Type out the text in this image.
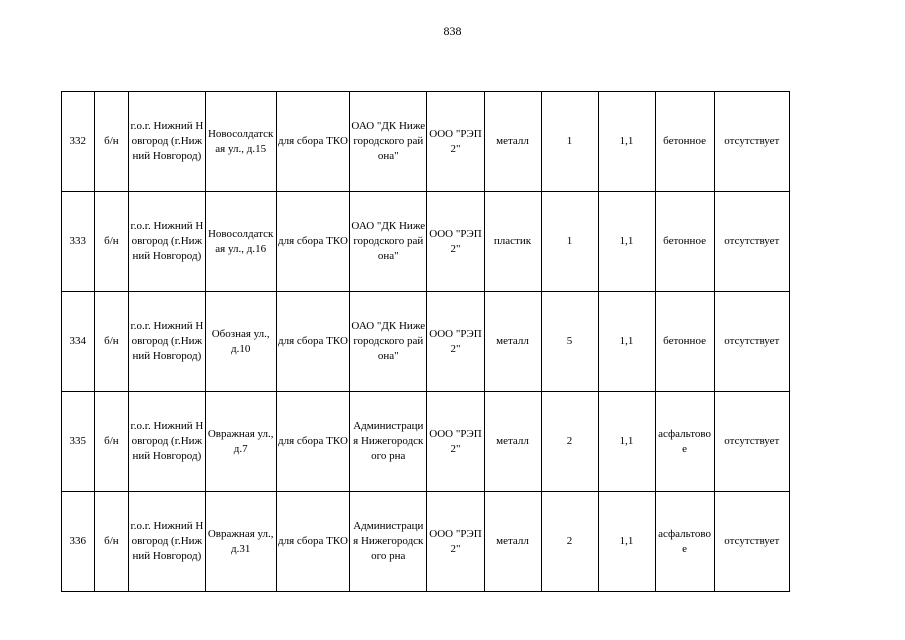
838
332	б/н	г.о.г. Нижний Новгород (г.Нижний Новгород)	Новосолдатская ул., д.15	для сбора ТКО	ОАО "ДК Нижегородского района"	ООО "РЭП2"	металл	1	1,1	бетонное	отсутствует
333	б/н	г.о.г. Нижний Новгород (г.Нижний Новгород)	Новосолдатская ул., д.16	для сбора ТКО	ОАО "ДК Нижегородского района"	ООО "РЭП2"	пластик	1	1,1	бетонное	отсутствует
334	б/н	г.о.г. Нижний Новгород (г.Нижний Новгород)	Обозная ул., д.10	для сбора ТКО	ОАО "ДК Нижегородского района"	ООО "РЭП2"	металл	5	1,1	бетонное	отсутствует
335	б/н	г.о.г. Нижний Новгород (г.Нижний Новгород)	Овражная ул.,д.7	для сбора ТКО	Администрация Нижегородского рна	ООО "РЭП2"	металл	2	1,1	асфальтовое	отсутствует
336	б/н	г.о.г. Нижний Новгород (г.Нижний Новгород)	Овражная ул.,д.31	для сбора ТКО	Администрация Нижегородского рна	ООО "РЭП2"	металл	2	1,1	асфальтовое	отсутствует
